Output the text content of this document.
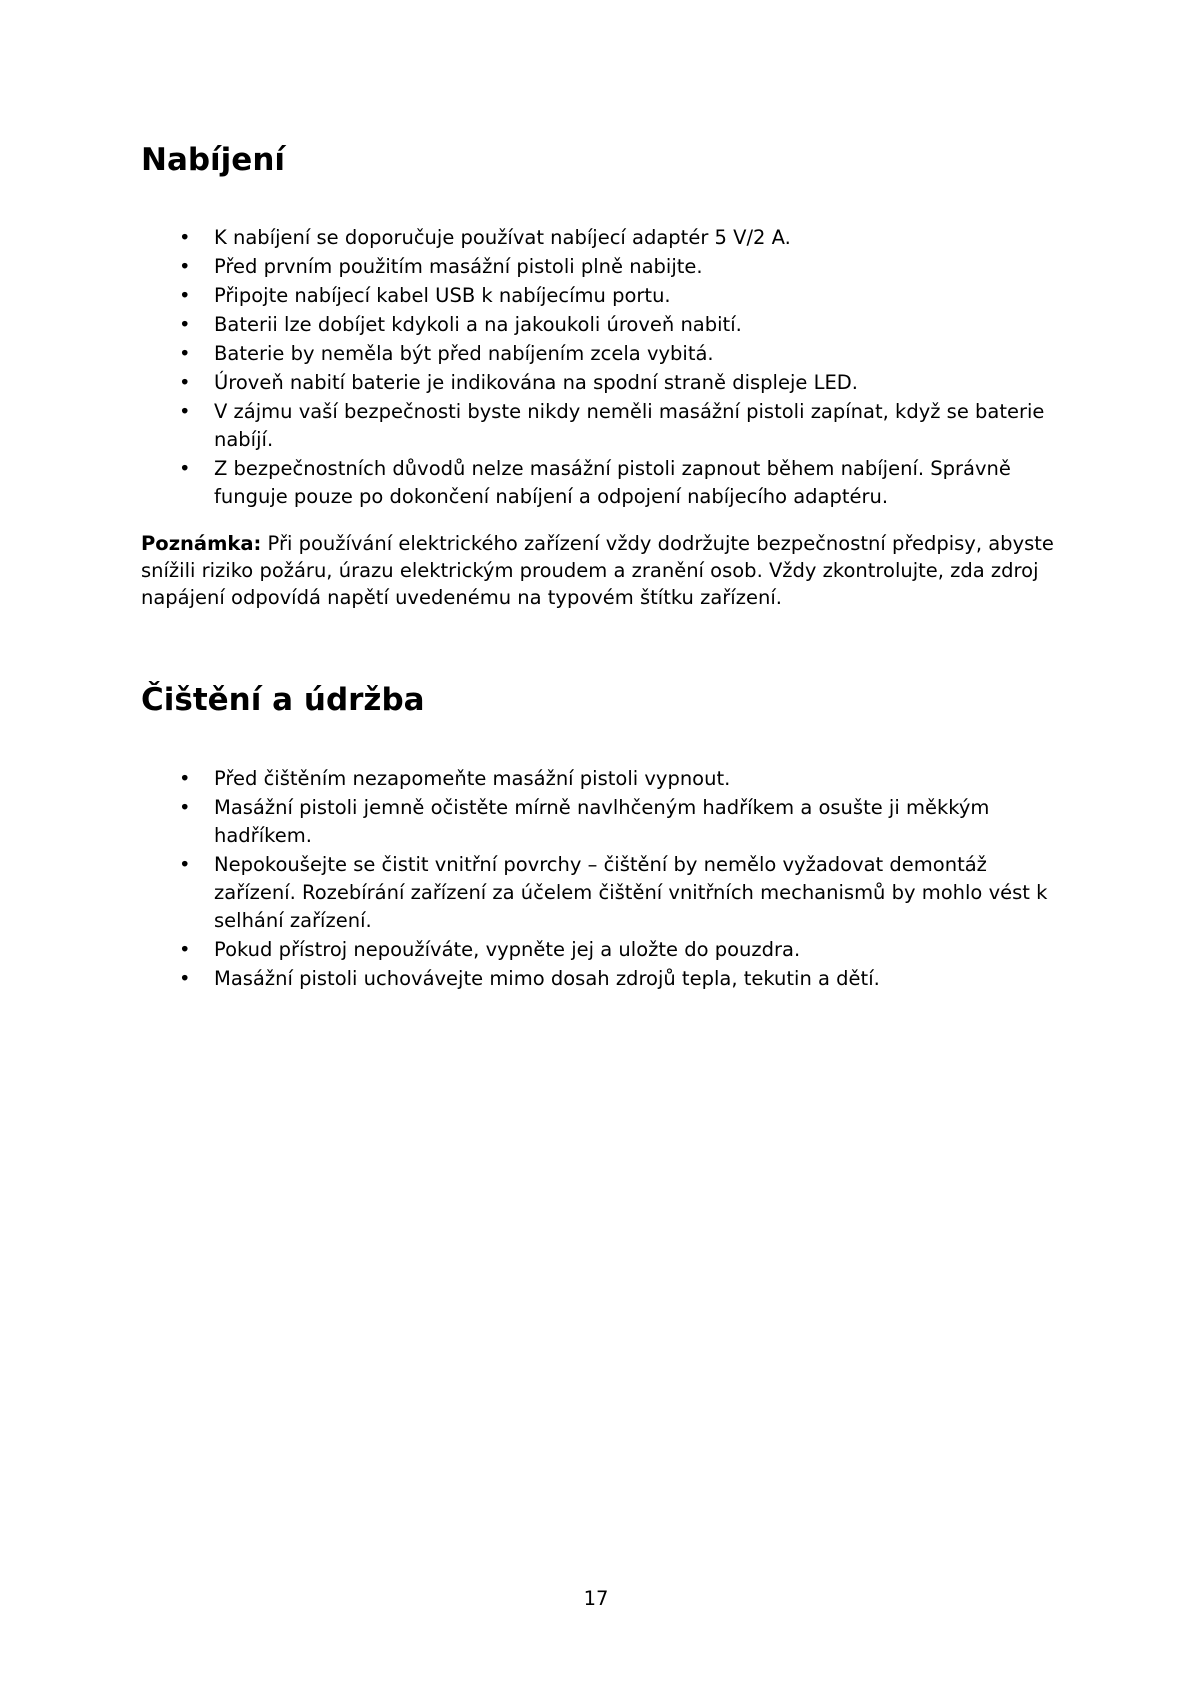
Nabíjení
• K nabíjení se doporučuje používat nabíjecí adaptér 5 V/2 A.
• Před prvním použitím masážní pistoli plně nabijte.
• Připojte nabíjecí kabel USB k nabíjecímu portu.
• Baterii lze dobíjet kdykoli a na jakoukoli úroveň nabití.
• Baterie by neměla být před nabíjením zcela vybitá.
• Úroveň nabití baterie je indikována na spodní straně displeje LED.
• V zájmu vaší bezpečnosti byste nikdy neměli masážní pistoli zapínat, když se baterie nabíjí.
• Z bezpečnostních důvodů nelze masážní pistoli zapnout během nabíjení. Správně funguje pouze po dokončení nabíjení a odpojení nabíjecího adaptéru.

Poznámka: Při používání elektrického zařízení vždy dodržujte bezpečnostní předpisy, abyste snížili riziko požáru, úrazu elektrickým proudem a zranění osob. Vždy zkontrolujte, zda zdroj napájení odpovídá napětí uvedenému na typovém štítku zařízení.

Čištění a údržba
• Před čištěním nezapomeňte masážní pistoli vypnout.
• Masážní pistoli jemně očistěte mírně navlhčeným hadříkem a osušte ji měkkým hadříkem.
• Nepokoušejte se čistit vnitřní povrchy – čištění by nemělo vyžadovat demontáž zařízení. Rozebírání zařízení za účelem čištění vnitřních mechanismů by mohlo vést k selhání zařízení.
• Pokud přístroj nepoužíváte, vypněte jej a uložte do pouzdra.
• Masážní pistoli uchovávejte mimo dosah zdrojů tepla, tekutin a dětí.
17
